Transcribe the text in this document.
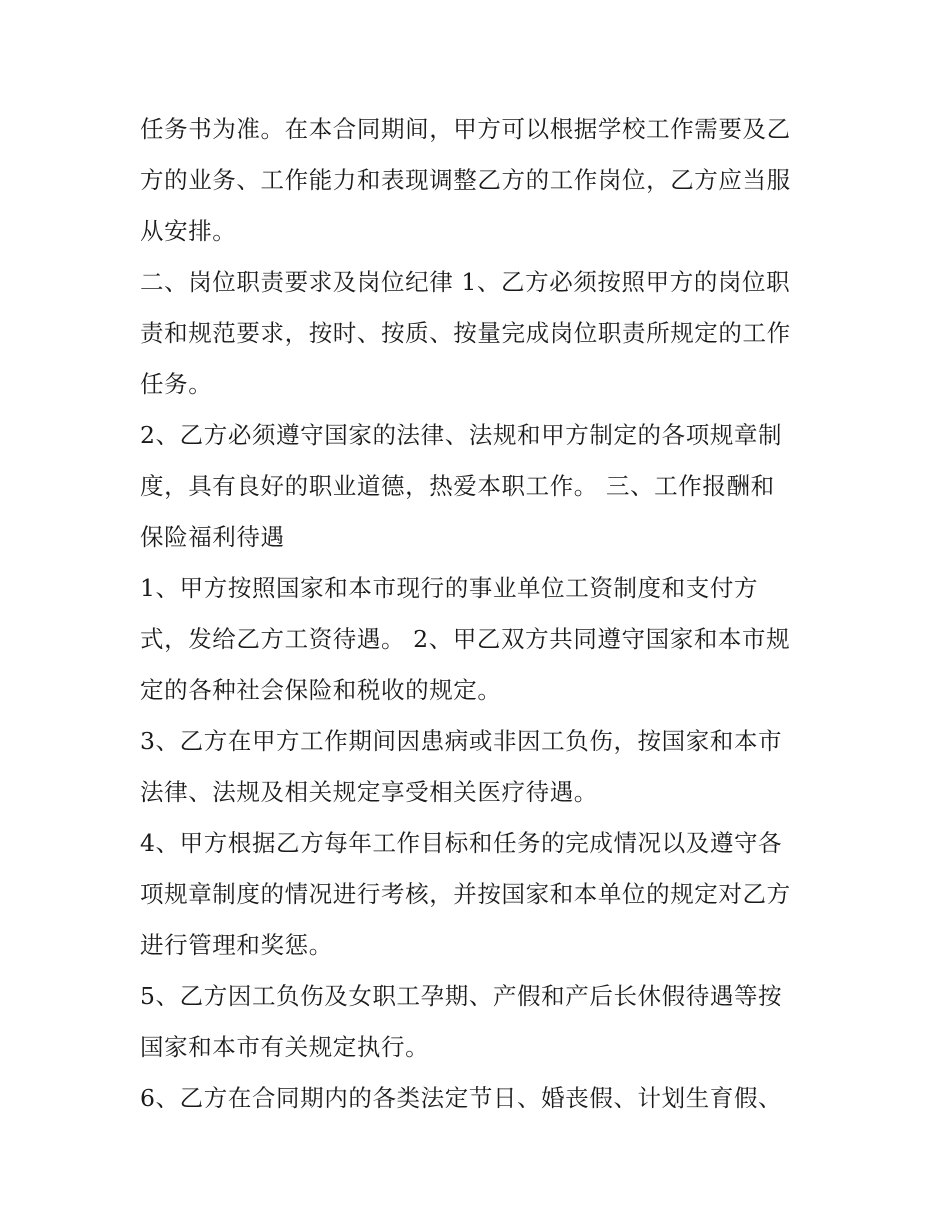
任务书为准。在本合同期间，甲方可以根据学校工作需要及乙
方的业务、工作能力和表现调整乙方的工作岗位，乙方应当服
从安排。
二、岗位职责要求及岗位纪律 1、乙方必须按照甲方的岗位职
责和规范要求，按时、按质、按量完成岗位职责所规定的工作
任务。
2、乙方必须遵守国家的法律、法规和甲方制定的各项规章制
度，具有良好的职业道德，热爱本职工作。 三、工作报酬和
保险福利待遇
1、甲方按照国家和本市现行的事业单位工资制度和支付方
式，发给乙方工资待遇。 2、甲乙双方共同遵守国家和本市规
定的各种社会保险和税收的规定。
3、乙方在甲方工作期间因患病或非因工负伤，按国家和本市
法律、法规及相关规定享受相关医疗待遇。
4、甲方根据乙方每年工作目标和任务的完成情况以及遵守各
项规章制度的情况进行考核，并按国家和本单位的规定对乙方
进行管理和奖惩。
5、乙方因工负伤及女职工孕期、产假和产后长休假待遇等按
国家和本市有关规定执行。
6、乙方在合同期内的各类法定节日、婚丧假、计划生育假、
